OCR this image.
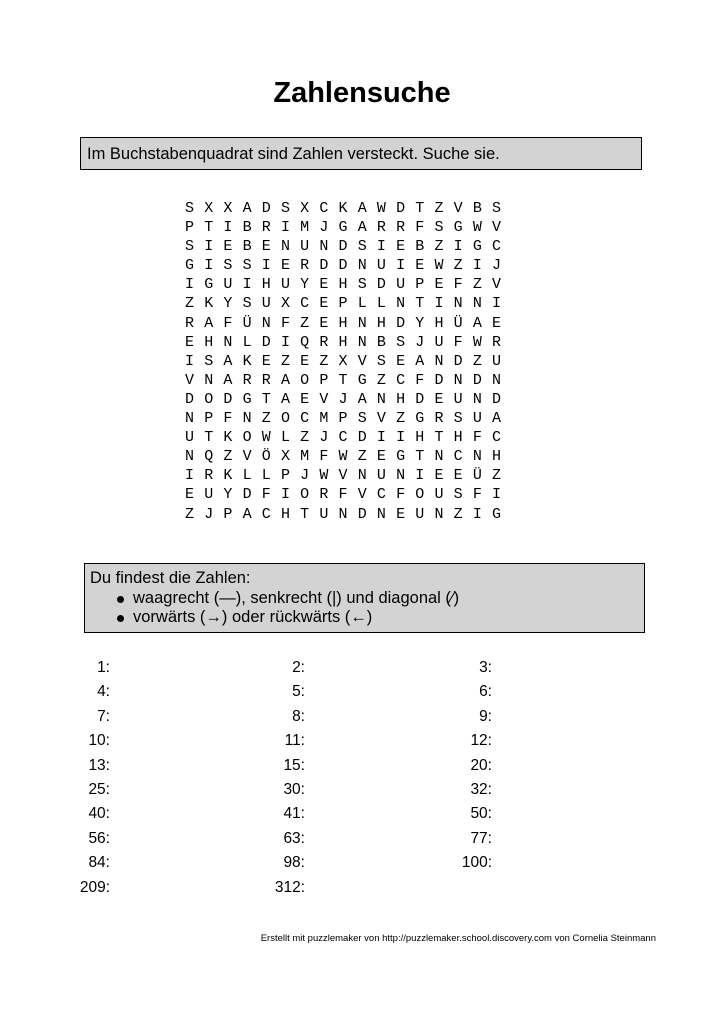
Zahlensuche
Im Buchstabenquadrat sind Zahlen versteckt. Suche sie.
S X X A D S X C K A W D T Z V B S
P T I B R I M J G A R R F S G W V
S I E B E N U N D S I E B Z I G C
G I S S I E R D D N U I E W Z I J
I G U I H U Y E H S D U P E F Z V
Z K Y S U X C E P L L N T I N N I
R A F Ü N F Z E H N H D Y H Ü A E
E H N L D I Q R H N B S J U F W R
I S A K E Z E Z X V S E A N D Z U
V N A R R A O P T G Z C F D N D N
D O D G T A E V J A N H D E U N D
N P F N Z O C M P S V Z G R S U A
U T K O W L Z J C D I I H T H F C
N Q Z V Ö X M F W Z E G T N C N H
I R K L L P J W V N U N I E E Ü Z
E U Y D F I O R F V C F O U S F I
Z J P A C H T U N D N E U N Z I G
Du findest die Zahlen:
waagrecht (—), senkrecht (|) und diagonal (⁄)
vorwärts (→) oder rückwärts (←)
1:	2:	3:
4:	5:	6:
7:	8:	9:
10:	11:	12:
13:	15:	20:
25:	30:	32:
40:	41:	50:
56:	63:	77:
84:	98:	100:
209:	312:
Erstellt mit puzzlemaker von http://puzzlemaker.school.discovery.com von Cornelia Steinmann
